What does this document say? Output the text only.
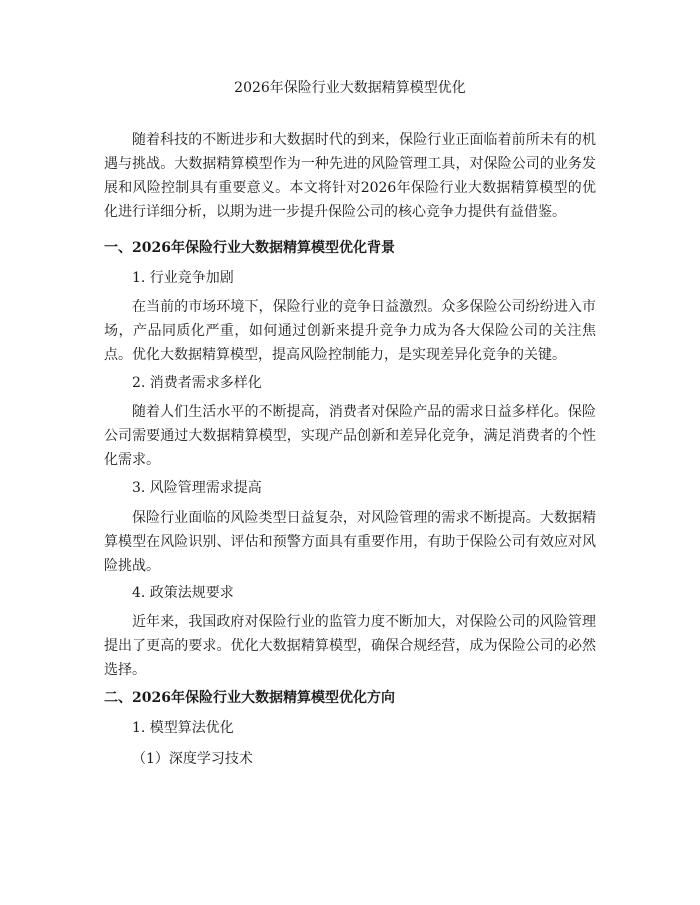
2026年保险行业大数据精算模型优化

随着科技的不断进步和大数据时代的到来，保险行业正面临着前所未有的机遇与挑战。大数据精算模型作为一种先进的风险管理工具，对保险公司的业务发展和风险控制具有重要意义。本文将针对2026年保险行业大数据精算模型的优化进行详细分析，以期为进一步提升保险公司的核心竞争力提供有益借鉴。

一、2026年保险行业大数据精算模型优化背景
1. 行业竞争加剧

在当前的市场环境下，保险行业的竞争日益激烈。众多保险公司纷纷进入市场，产品同质化严重，如何通过创新来提升竞争力成为各大保险公司的关注焦点。优化大数据精算模型，提高风险控制能力，是实现差异化竞争的关键。

2. 消费者需求多样化

随着人们生活水平的不断提高，消费者对保险产品的需求日益多样化。保险公司需要通过大数据精算模型，实现产品创新和差异化竞争，满足消费者的个性化需求。

3. 风险管理需求提高

保险行业面临的风险类型日益复杂，对风险管理的需求不断提高。大数据精算模型在风险识别、评估和预警方面具有重要作用，有助于保险公司有效应对风险挑战。

4. 政策法规要求

近年来，我国政府对保险行业的监管力度不断加大，对保险公司的风险管理提出了更高的要求。优化大数据精算模型，确保合规经营，成为保险公司的必然选择。

二、2026年保险行业大数据精算模型优化方向
1. 模型算法优化
（1）深度学习技术
